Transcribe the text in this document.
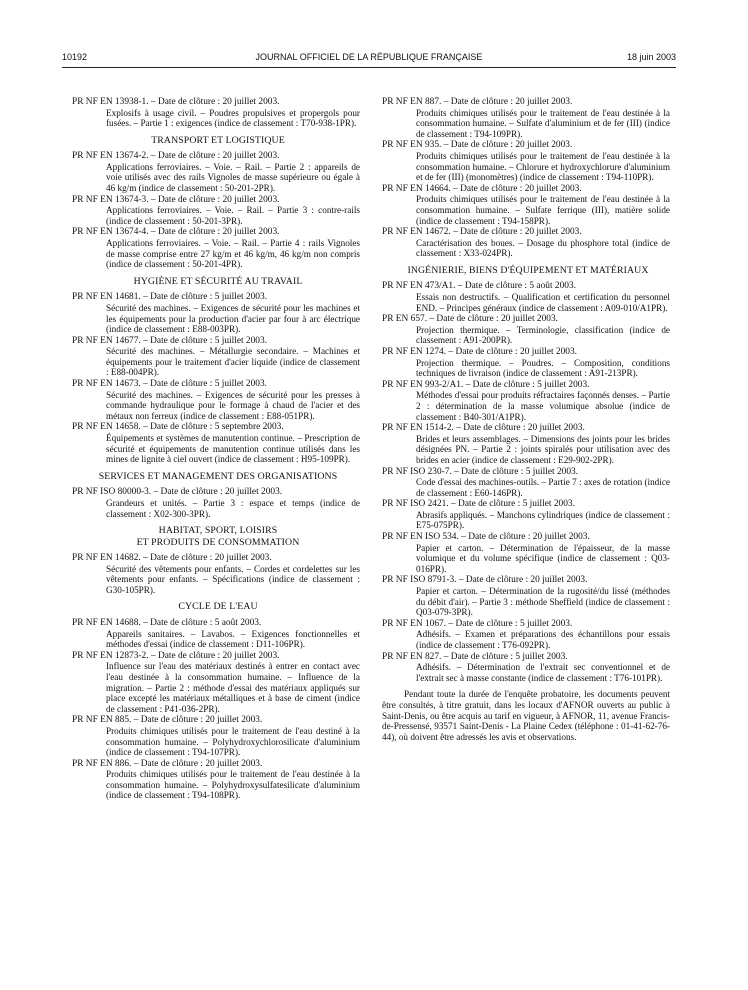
10192	JOURNAL OFFICIEL DE LA RÉPUBLIQUE FRANÇAISE	18 juin 2003

PR NF EN 13938-1. – Date de clôture : 20 juillet 2003.

Explosifs à usage civil. – Poudres propulsives et propergols pour fusées. – Partie 1 : exigences (indice de classement : T70-938-1PR).

TRANSPORT ET LOGISTIQUE

PR NF EN 13674-2. – Date de clôture : 20 juillet 2003.

Applications ferroviaires. – Voie. – Rail. – Partie 2 : appareils de voie utilisés avec des rails Vignoles de masse supérieure ou égale à 46 kg/m (indice de classement : 50-201-2PR).

PR NF EN 13674-3. – Date de clôture : 20 juillet 2003.

Applications ferroviaires. – Voie. – Rail. – Partie 3 : contre-rails (indice de classement : 50-201-3PR).

PR NF EN 13674-4. – Date de clôture : 20 juillet 2003.

Applications ferroviaires. – Voie. – Rail. – Partie 4 : rails Vignoles de masse comprise entre 27 kg/m et 46 kg/m, 46 kg/m non compris (indice de classement : 50-201-4PR).

HYGIÈNE ET SÉCURITÉ AU TRAVAIL

PR NF EN 14681. – Date de clôture : 5 juillet 2003.

Sécurité des machines. – Exigences de sécurité pour les machines et les équipements pour la production d'acier par four à arc électrique (indice de classement : E88-003PR).

PR NF EN 14677. – Date de clôture : 5 juillet 2003.

Sécurité des machines. – Métallurgie secondaire. – Machines et équipements pour le traitement d'acier liquide (indice de classement : E88-004PR).

PR NF EN 14673. – Date de clôture : 5 juillet 2003.

Sécurité des machines. – Exigences de sécurité pour les presses à commande hydraulique pour le formage à chaud de l'acier et des métaux non ferreux (indice de classement : E88-051PR).

PR NF EN 14658. – Date de clôture : 5 septembre 2003.

Équipements et systèmes de manutention continue. – Prescription de sécurité et équipements de manutention continue utilisés dans les mines de lignite à ciel ouvert (indice de classement : H95-109PR).

SERVICES ET MANAGEMENT DES ORGANISATIONS

PR NF ISO 80000-3. – Date de clôture : 20 juillet 2003.

Grandeurs et unités. – Partie 3 : espace et temps (indice de classement : X02-300-3PR).

HABITAT, SPORT, LOISIRS
ET PRODUITS DE CONSOMMATION

PR NF EN 14682. – Date de clôture : 20 juillet 2003.

Sécurité des vêtements pour enfants. – Cordes et cordelettes sur les vêtements pour enfants. – Spécifications (indice de classement : G30-105PR).

CYCLE DE L'EAU

PR NF EN 14688. – Date de clôture : 5 août 2003.

Appareils sanitaires. – Lavabos. – Exigences fonctionnelles et méthodes d'essai (indice de classement : D11-106PR).

PR NF EN 12873-2. – Date de clôture : 20 juillet 2003.

Influence sur l'eau des matériaux destinés à entrer en contact avec l'eau destinée à la consommation humaine. – Influence de la migration. – Partie 2 : méthode d'essai des matériaux appliqués sur place excepté les matériaux métalliques et à base de ciment (indice de classement : P41-036-2PR).

PR NF EN 885. – Date de clôture : 20 juillet 2003.

Produits chimiques utilisés pour le traitement de l'eau destiné à la consommation humaine. – Polyhydroxychlorosilicate d'aluminium (indice de classement : T94-107PR).

PR NF EN 886. – Date de clôture : 20 juillet 2003.

Produits chimiques utilisés pour le traitement de l'eau destinée à la consommation humaine. – Polyhydroxysulfatesilicate d'aluminium (indice de classement : T94-108PR).

PR NF EN 887. – Date de clôture : 20 juillet 2003.

Produits chimiques utilisés pour le traitement de l'eau destinée à la consommation humaine. – Sulfate d'aluminium et de fer (III) (indice de classement : T94-109PR).

PR NF EN 935. – Date de clôture : 20 juillet 2003.

Produits chimiques utilisés pour le traitement de l'eau destinée à la consommation humaine. – Chlorure et hydroxychlorure d'aluminium et de fer (III) (monomètres) (indice de classement : T94-110PR).

PR NF EN 14664. – Date de clôture : 20 juillet 2003.

Produits chimiques utilisés pour le traitement de l'eau destinée à la consommation humaine. – Sulfate ferrique (III), matière solide (indice de classement : T94-158PR).

PR NF EN 14672. – Date de clôture : 20 juillet 2003.

Caractérisation des boues. – Dosage du phosphore total (indice de classement : X33-024PR).

INGÉNIERIE, BIENS D'ÉQUIPEMENT ET MATÉRIAUX

PR NF EN 473/A1. – Date de clôture : 5 août 2003.

Essais non destructifs. – Qualification et certification du personnel END. – Principes généraux (indice de classement : A09-010/A1PR).

PR EN 657. – Date de clôture : 20 juillet 2003.

Projection thermique. – Terminologie, classification (indice de classement : A91-200PR).

PR NF EN 1274. – Date de clôture : 20 juillet 2003.

Projection thermique. – Poudres. – Composition, conditions techniques de livraison (indice de classement : A91-213PR).

PR NF EN 993-2/A1. – Date de clôture : 5 juillet 2003.

Méthodes d'essai pour produits réfractaires façonnés denses. – Partie 2 : détermination de la masse volumique absolue (indice de classement : B40-301/A1PR).

PR NF EN 1514-2. – Date de clôture : 20 juillet 2003.

Brides et leurs assemblages. – Dimensions des joints pour les brides désignées PN. – Partie 2 : joints spiralés pour utilisation avec des brides en acier (indice de classement : E29-902-2PR).

PR NF ISO 230-7. – Date de clôture : 5 juillet 2003.

Code d'essai des machines-outils. – Partie 7 : axes de rotation (indice de classement : E60-146PR).

PR NF ISO 2421. – Date de clôture : 5 juillet 2003.

Abrasifs appliqués. – Manchons cylindriques (indice de classement : E75-075PR).

PR NF EN ISO 534. – Date de clôture : 20 juillet 2003.

Papier et carton. – Détermination de l'épaisseur, de la masse volumique et du volume spécifique (indice de classement : Q03-016PR).

PR NF ISO 8791-3. – Date de clôture : 20 juillet 2003.

Papier et carton. – Détermination de la rugosité/du lissé (méthodes du débit d'air). – Partie 3 : méthode Sheffield (indice de classement : Q03-079-3PR).

PR NF EN 1067. – Date de clôture : 5 juillet 2003.

Adhésifs. – Examen et préparations des échantillons pour essais (indice de classement : T76-092PR).

PR NF EN 827. – Date de clôture : 5 juillet 2003.

Adhésifs. – Détermination de l'extrait sec conventionnel et de l'extrait sec à masse constante (indice de classement : T76-101PR).

Pendant toute la durée de l'enquête probatoire, les documents peuvent être consultés, à titre gratuit, dans les locaux d'AFNOR ouverts au public à Saint-Denis, ou être acquis au tarif en vigueur, à AFNOR, 11, avenue Francis-de-Pressensé, 93571 Saint-Denis - La Plaine Cedex (téléphone : 01-41-62-76-44), où doivent être adressés les avis et observations.
